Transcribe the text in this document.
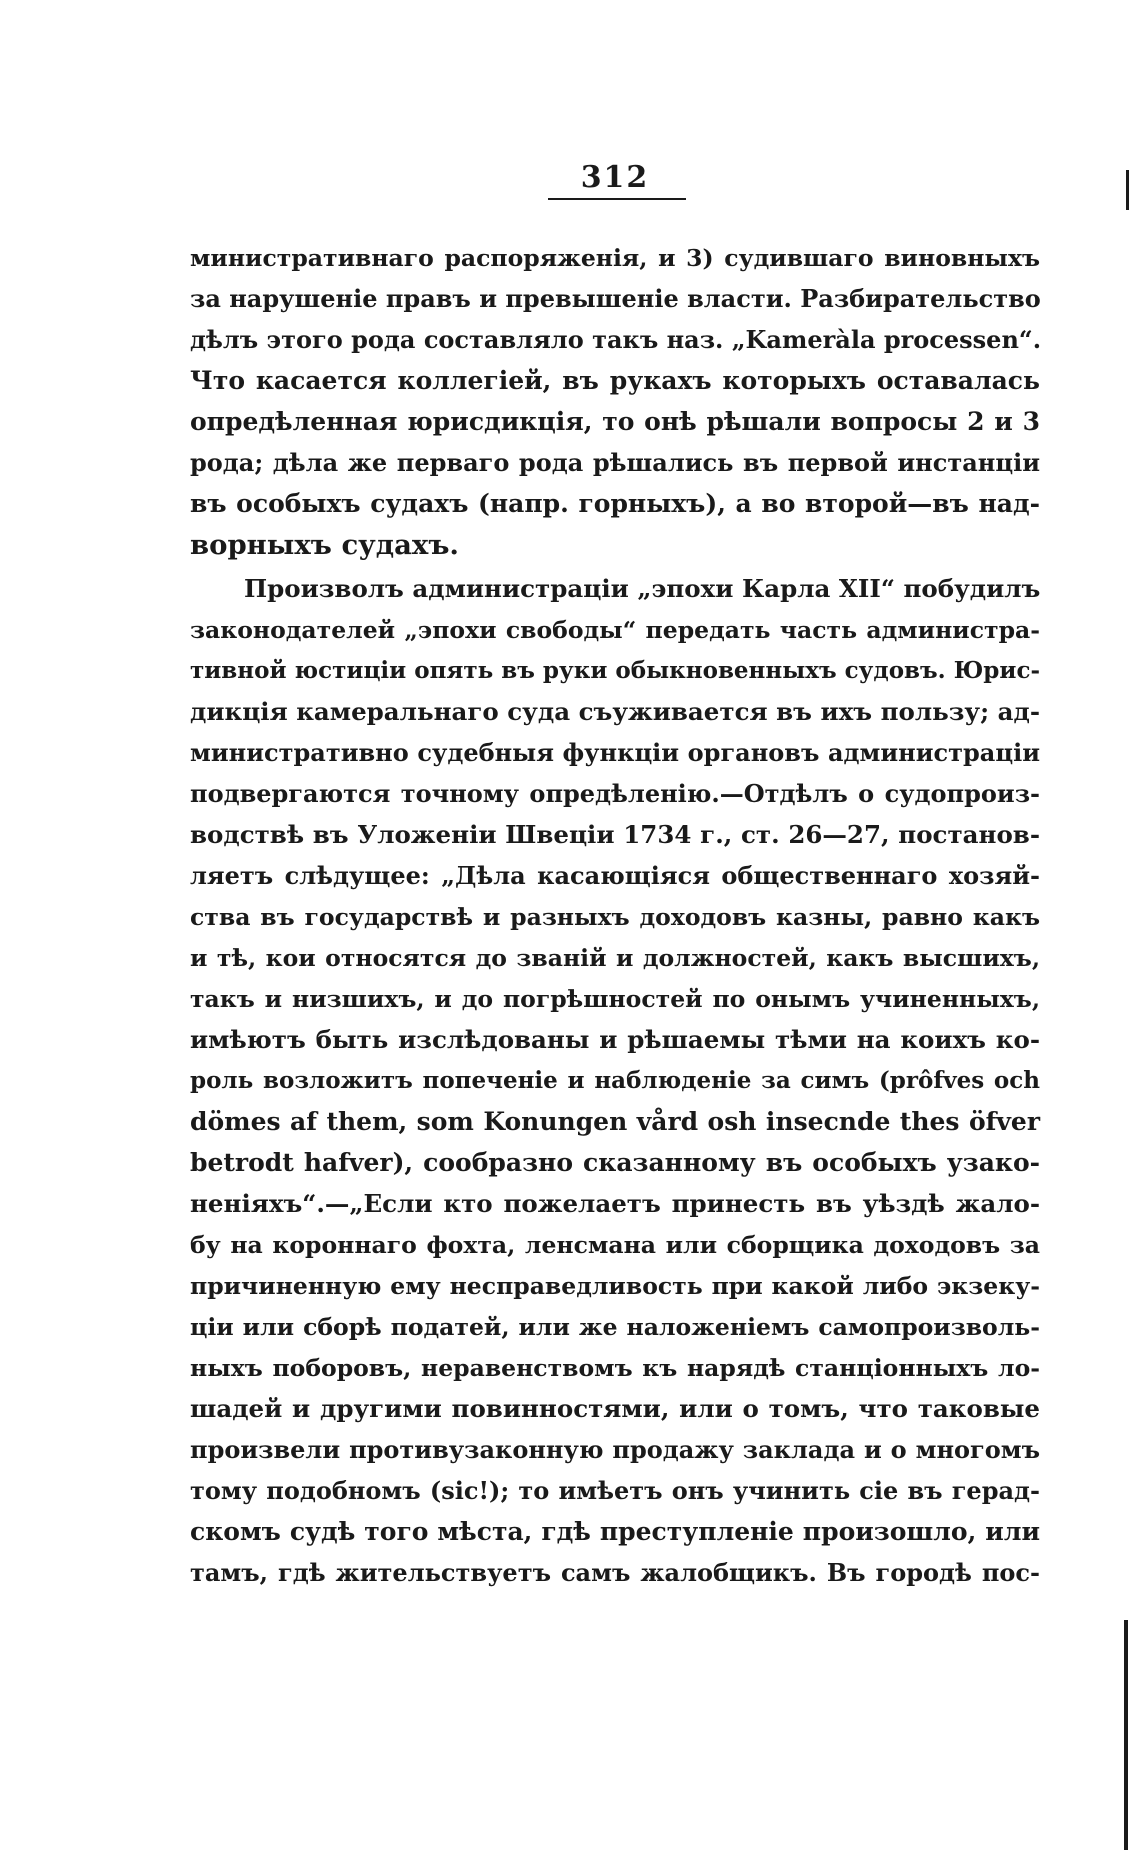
312
министративнаго распоряженія, и 3) судившаго виновныхъ
за нарушеніе правъ и превышеніе власти. Разбирательство
дѣлъ этого рода составляло такъ наз. „Kameràla processen“.
Что касается коллегіей, въ рукахъ которыхъ оставалась
опредѣленная юрисдикція, то онѣ рѣшали вопросы 2 и 3
рода; дѣла же перваго рода рѣшались въ первой инстанціи
въ особыхъ судахъ (напр. горныхъ), а во второй—въ над-
ворныхъ судахъ.
Произволъ администраціи „эпохи Карла XII“ побудилъ
законодателей „эпохи свободы“ передать часть администра-
тивной юстиціи опять въ руки обыкновенныхъ судовъ. Юрис-
дикція камеральнаго суда съуживается въ ихъ пользу; ад-
министративно судебныя функціи органовъ администраціи
подвергаются точному опредѣленію.—Отдѣлъ о судопроиз-
водствѣ въ Уложеніи Швеціи 1734 г., ст. 26—27, постанов-
ляетъ слѣдущее: „Дѣла касающіяся общественнаго хозяй-
ства въ государствѣ и разныхъ доходовъ казны, равно какъ
и тѣ, кои относятся до званій и должностей, какъ высшихъ,
такъ и низшихъ, и до погрѣшностей по онымъ учиненныхъ,
имѣютъ быть изслѣдованы и рѣшаемы тѣми на коихъ ко-
роль возложитъ попеченіе и наблюденіе за симъ (prôfves och
dömes af them, som Konungen vård osh insecnde thes öfver
betrodt hafver), сообразно сказанному въ особыхъ узако-
неніяхъ“.—„Если кто пожелаетъ принесть въ уѣздѣ жало-
бу на короннаго фохта, ленсмана или сборщика доходовъ за
причиненную ему несправедливость при какой либо экзеку-
ціи или сборѣ податей, или же наложеніемъ самопроизволь-
ныхъ поборовъ, неравенствомъ къ нарядѣ станціонныхъ ло-
шадей и другими повинностями, или о томъ, что таковые
произвели противузаконную продажу заклада и о многомъ
тому подобномъ (sic!); то имѣетъ онъ учинить сіе въ герад-
скомъ судѣ того мѣста, гдѣ преступленіе произошло, или
тамъ, гдѣ жительствуетъ самъ жалобщикъ. Въ городѣ пос-
